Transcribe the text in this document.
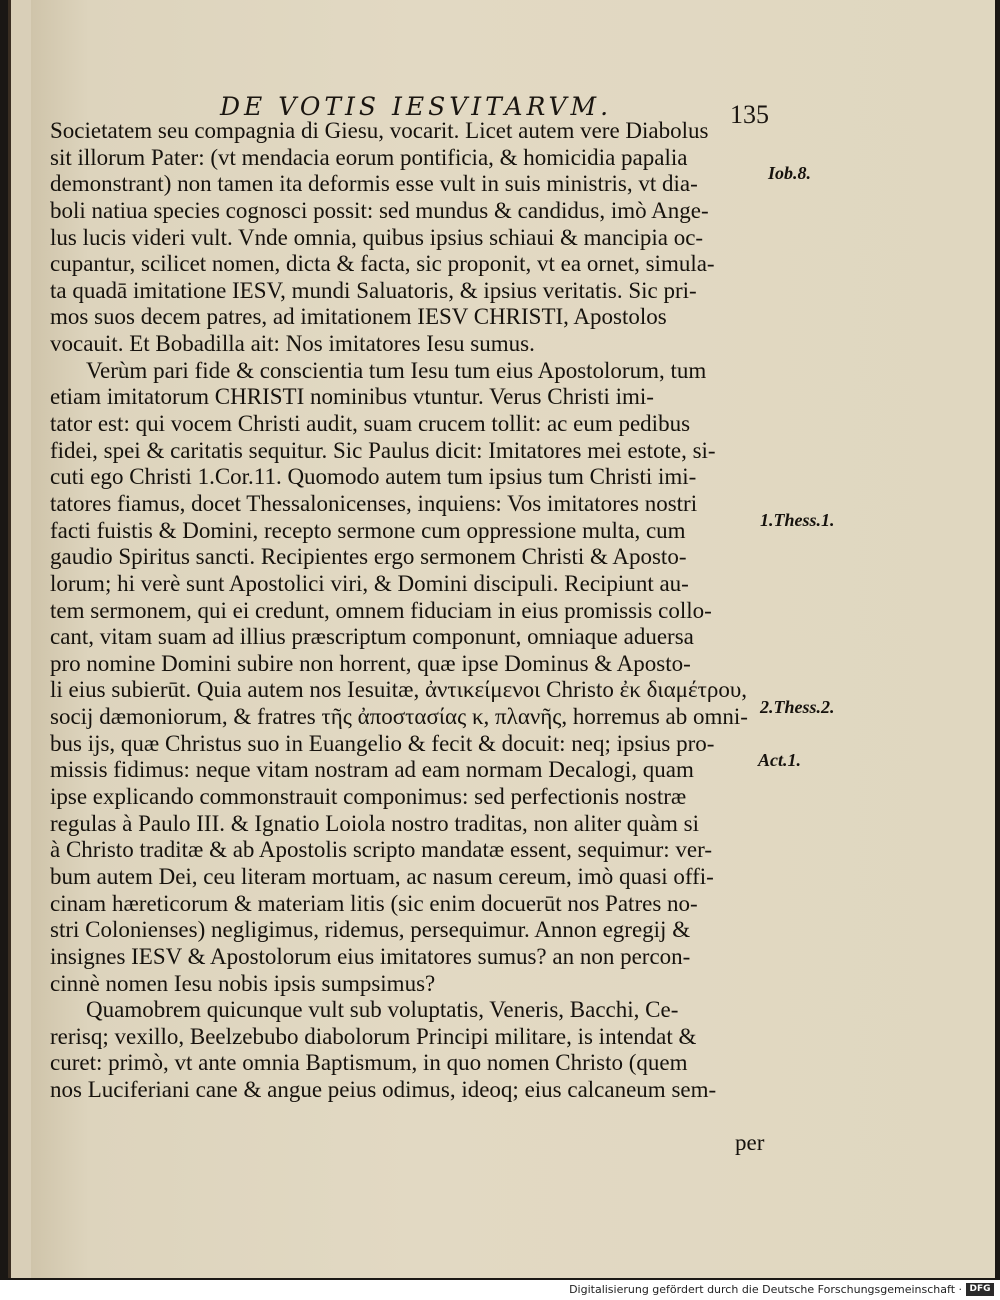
DE VOTIS IESVITARVM.	135
Societatem seu compagnia di Giesu, vocarit. Licet autem vere Diabolus
sit illorum Pater: (vt mendacia eorum pontificia, & homicidia papalia
demonstrant) non tamen ita deformis esse vult in suis ministris, vt dia-
boli natiua species cognosci possit: sed mundus & candidus, imò Ange-
lus lucis videri vult. Vnde omnia, quibus ipsius schiaui & mancipia oc-
cupantur, scilicet nomen, dicta & facta, sic proponit, vt ea ornet, simula-
ta quadā imitatione IESV, mundi Saluatoris, & ipsius veritatis. Sic pri-
mos suos decem patres, ad imitationem IESV CHRISTI, Apostolos
vocauit. Et Bobadilla ait: Nos imitatores Iesu sumus.
Verùm pari fide & conscientia tum Iesu tum eius Apostolorum, tum
etiam imitatorum CHRISTI nominibus vtuntur. Verus Christi imi-
tator est: qui vocem Christi audit, suam crucem tollit: ac eum pedibus
fidei, spei & caritatis sequitur. Sic Paulus dicit: Imitatores mei estote, si-
cuti ego Christi 1.Cor.11. Quomodo autem tum ipsius tum Christi imi-
tatores fiamus, docet Thessalonicenses, inquiens: Vos imitatores nostri
facti fuistis & Domini, recepto sermone cum oppressione multa, cum
gaudio Spiritus sancti. Recipientes ergo sermonem Christi & Aposto-
lorum; hi verè sunt Apostolici viri, & Domini discipuli. Recipiunt au-
tem sermonem, qui ei credunt, omnem fiduciam in eius promissis collo-
cant, vitam suam ad illius præscriptum componunt, omniaque aduersa
pro nomine Domini subire non horrent, quæ ipse Dominus & Aposto-
li eius subierūt. Quia autem nos Iesuitæ, ἀντικείμενοι Christo ἐκ διαμέτρου,
socij dæmoniorum, & fratres τῆς ἀποστασίας κ, πλανῆς, horremus ab omni-
bus ijs, quæ Christus suo in Euangelio & fecit & docuit: neq; ipsius pro-
missis fidimus: neque vitam nostram ad eam normam Decalogi, quam
ipse explicando commonstrauit componimus: sed perfectionis nostræ
regulas à Paulo III. & Ignatio Loiola nostro traditas, non aliter quàm si
à Christo traditæ & ab Apostolis scripto mandatæ essent, sequimur: ver-
bum autem Dei, ceu literam mortuam, ac nasum cereum, imò quasi offi-
cinam hæreticorum & materiam litis (sic enim docuerūt nos Patres no-
stri Colonienses) negligimus, ridemus, persequimur. Annon egregij &
insignes IESV & Apostolorum eius imitatores sumus? an non percon-
cinnè nomen Iesu nobis ipsis sumpsimus?
Quamobrem quicunque vult sub voluptatis, Veneris, Bacchi, Ce-
rerisq; vexillo, Beelzebubo diabolorum Principi militare, is intendat &
curet: primò, vt ante omnia Baptismum, in quo nomen Christo (quem
nos Luciferiani cane & angue peius odimus, ideoq; eius calcaneum sem-
per
Iob.8.
1.Thess.1.
2.Thess.2.
Act.1.
Digitalisierung gefördert durch die Deutsche Forschungsgemeinschaft · DFG
